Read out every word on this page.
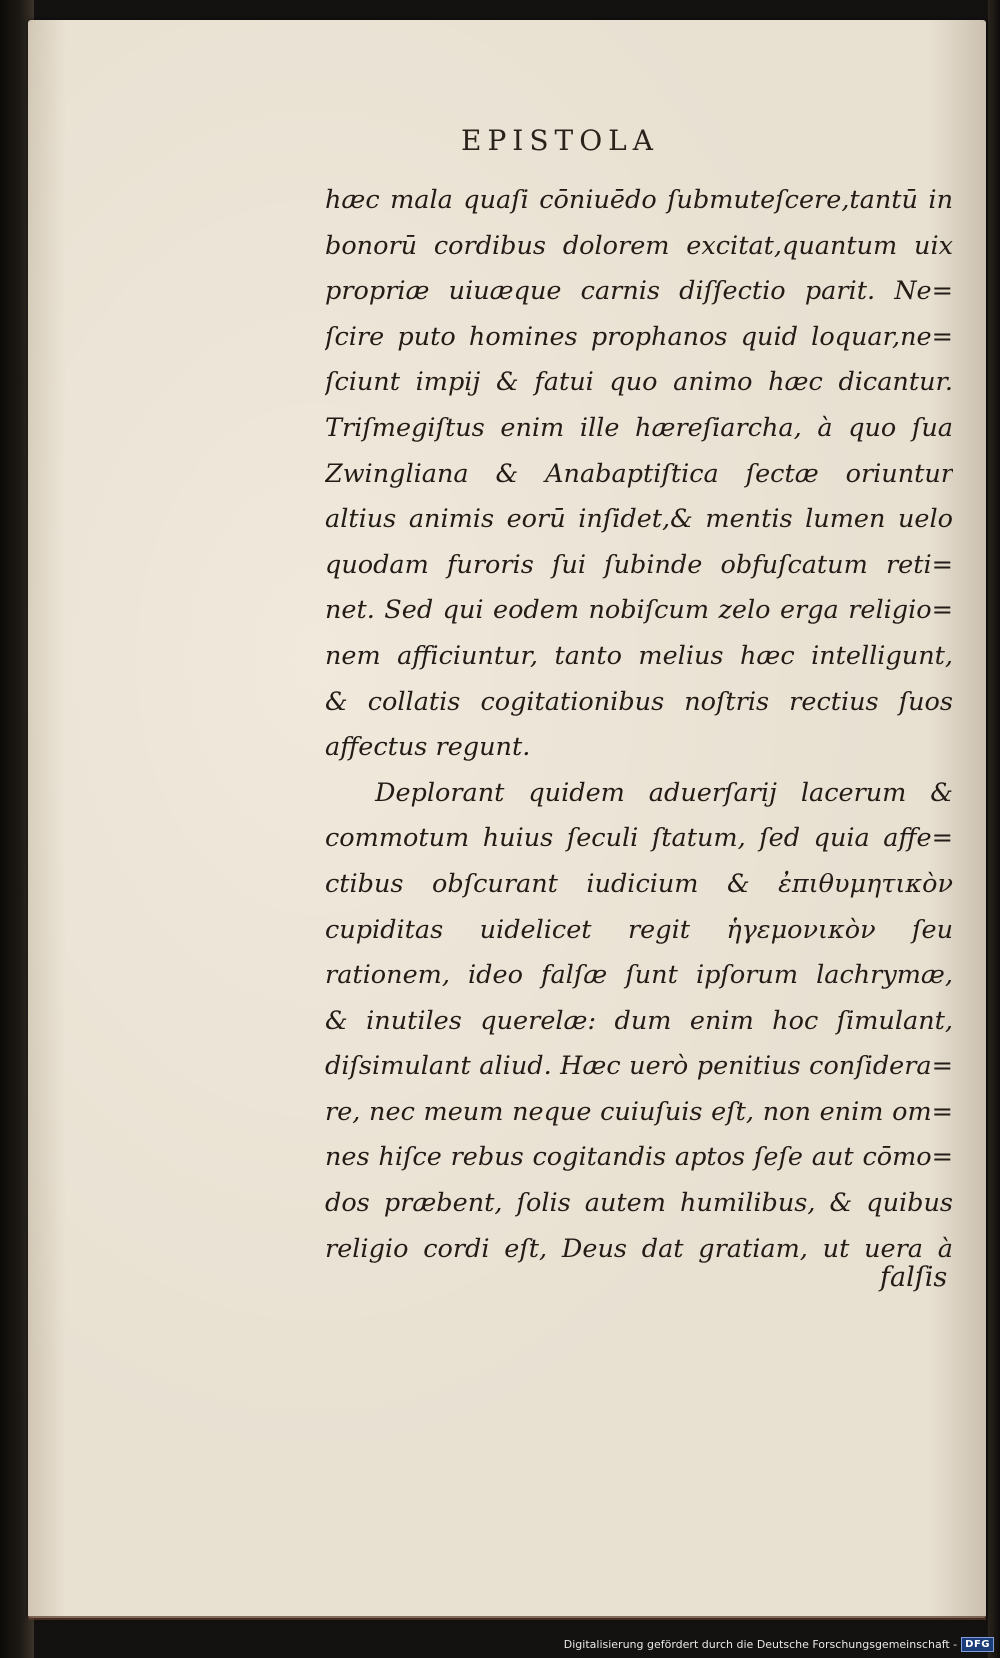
EPISTOLA
hæc mala quaſi cōniuēdo ſubmuteſcere,tantū in
bonorū cordibus dolorem excitat,quantum uix
propriæ uiuæque carnis diſſectio parit. Ne=
ſcire puto homines prophanos quid loquar,ne=
ſciunt impij & fatui quo animo hæc dicantur.
Triſmegiſtus enim ille hæreſiarcha, à quo ſua
Zwingliana & Anabaptiſtica ſectæ oriuntur
altius animis eorū inſidet,& mentis lumen uelo
quodam furoris ſui ſubinde obfuſcatum reti=
net. Sed qui eodem nobiſcum zelo erga religio=
nem afficiuntur, tanto melius hæc intelligunt,
& collatis cogitationibus noſtris rectius ſuos
affectus regunt.
Deplorant quidem aduerſarij lacerum &
commotum huius ſeculi ſtatum, ſed quia affe=
ctibus obſcurant iudicium & ἐπιθυμητικὸν
cupiditas uidelicet regit ἡγεμονικὸν ſeu
rationem, ideo falſæ ſunt ipſorum lachrymæ,
& inutiles querelæ: dum enim hoc ſimulant,
diſsimulant aliud. Hæc uerò penitius conſidera=
re, nec meum neque cuiuſuis eſt, non enim om=
nes hiſce rebus cogitandis aptos ſeſe aut cōmo=
dos præbent, ſolis autem humilibus, & quibus
religio cordi eſt, Deus dat gratiam, ut uera à
falſis
Digitalisierung gefördert durch die Deutsche Forschungsgemeinschaft - DFG
